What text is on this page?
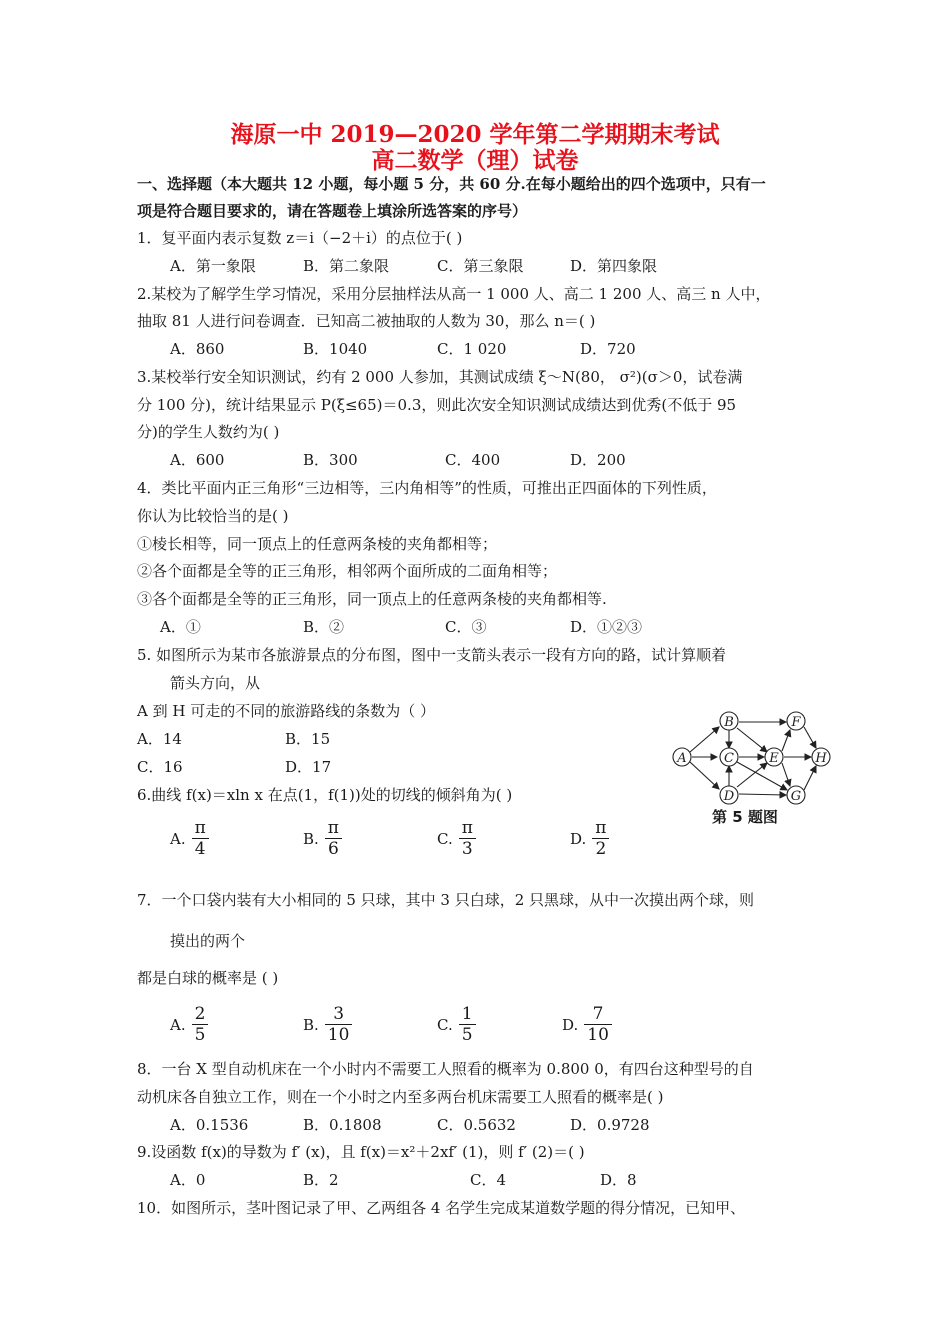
海原一中 2019—2020 学年第二学期期末考试
高二数学（理）试卷
一、选择题（本大题共 12 小题，每小题 5 分，共 60 分.在每小题给出的四个选项中，只有一
项是符合题目要求的，请在答题卷上填涂所选答案的序号）
1．复平面内表示复数 z＝i（−2＋i）的点位于( )
A．第一象限	B．第二象限	C．第三象限	D．第四象限
2.某校为了解学生学习情况，采用分层抽样法从高一 1 000 人、高二 1 200 人、高三 n 人中，
抽取 81 人进行问卷调查．已知高二被抽取的人数为 30，那么 n＝( )
A．860	B．1040	C．1 020	D．720
3.某校举行安全知识测试，约有 2 000 人参加，其测试成绩 ξ～N(80， σ²)(σ＞0，试卷满
分 100 分)，统计结果显示 P(ξ≤65)＝0.3，则此次安全知识测试成绩达到优秀(不低于 95
分)的学生人数约为( )
A．600	B．300	C．400	D．200
4．类比平面内正三角形“三边相等，三内角相等”的性质，可推出正四面体的下列性质，
你认为比较恰当的是( )
①棱长相等，同一顶点上的任意两条棱的夹角都相等；
②各个面都是全等的正三角形，相邻两个面所成的二面角相等；
③各个面都是全等的正三角形，同一顶点上的任意两条棱的夹角都相等.
A．①	B．②	C．③	D．①②③
5. 如图所示为某市各旅游景点的分布图，图中一支箭头表示一段有方向的路，试计算顺着
箭头方向，从
A 到 H 可走的不同的旅游路线的条数为（ ）
A．14	B．15
C．16	D．17	A
B
C
D
E
F
G
H
第 5 题图
6.曲线 f(x)＝xln x 在点(1，f(1))处的切线的倾斜角为( )
A. $\frac{\pi}{4}$	B. $\frac{\pi}{6}$	C. $\frac{\pi}{3}$	D. $\frac{\pi}{2}$
7．一个口袋内装有大小相同的 5 只球，其中 3 只白球，2 只黑球，从中一次摸出两个球，则
摸出的两个
都是白球的概率是 ( )
A. $\frac{2}{5}$	B. $\frac{3}{10}$	C. $\frac{1}{5}$	D. $\frac{7}{10}$
8．一台 X 型自动机床在一个小时内不需要工人照看的概率为 0.800 0，有四台这种型号的自
动机床各自独立工作，则在一个小时之内至多两台机床需要工人照看的概率是( )
A．0.1536	B．0.1808	C．0.5632	D．0.9728
9.设函数 f(x)的导数为 f′ (x)，且 f(x)＝x²＋2xf′ (1)，则 f′ (2)＝( )
A．0	B．2	C．4	D．8
10．如图所示，茎叶图记录了甲、乙两组各 4 名学生完成某道数学题的得分情况，已知甲、
